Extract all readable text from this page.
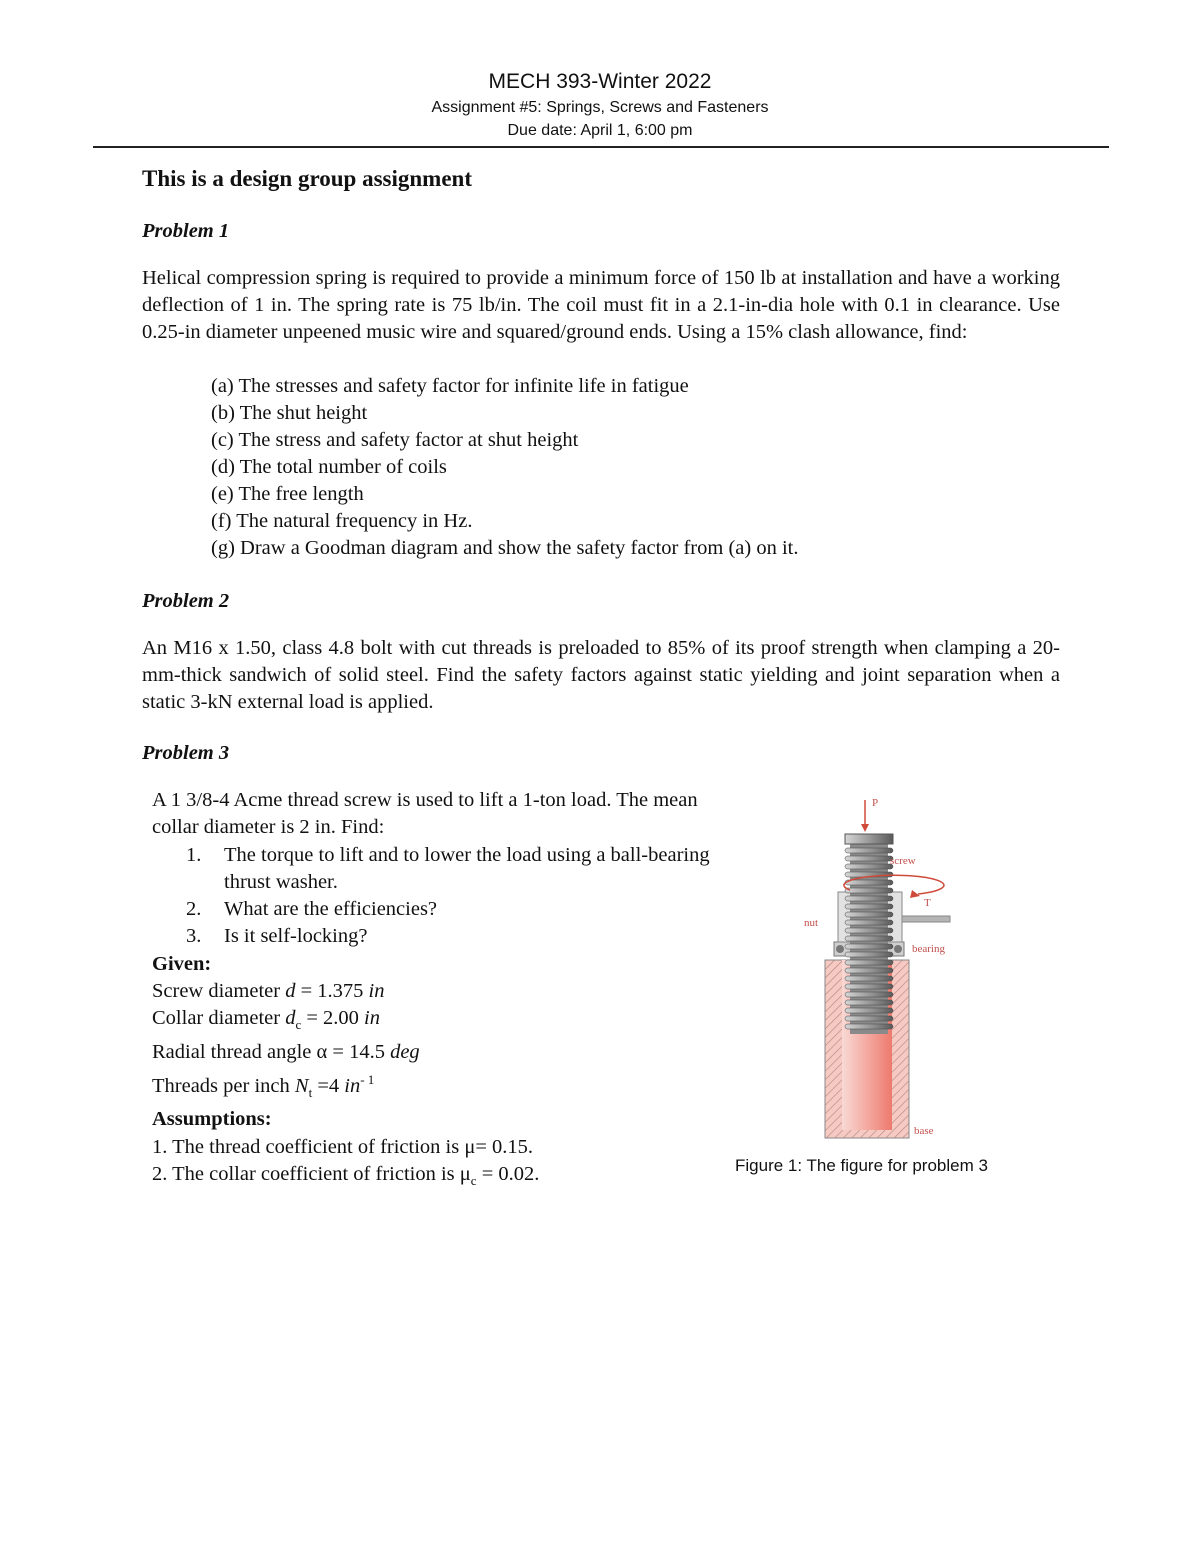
MECH 393-Winter 2022
Assignment #5: Springs, Screws and Fasteners
Due date: April 1, 6:00 pm
This is a design group assignment
Problem 1

Helical compression spring is required to provide a minimum force of 150 lb at installation and have a working deflection of 1 in. The spring rate is 75 lb/in. The coil must fit in a 2.1-in-dia hole with 0.1 in clearance. Use 0.25-in diameter unpeened music wire and squared/ground ends. Using a 15% clash allowance, find:

(a) The stresses and safety factor for infinite life in fatigue
(b) The shut height
(c) The stress and safety factor at shut height
(d) The total number of coils
(e) The free length
(f) The natural frequency in Hz.
(g) Draw a Goodman diagram and show the safety factor from (a) on it.
Problem 2

An M16 x 1.50, class 4.8 bolt with cut threads is preloaded to 85% of its proof strength when clamping a 20-mm-thick sandwich of solid steel. Find the safety factors against static yielding and joint separation when a static 3-kN external load is applied.

Problem 3

A 1 3/8-4 Acme thread screw is used to lift a 1-ton load. The mean collar diameter is 2 in. Find:

1. The torque to lift and to lower the load using a ball-bearing thrust washer.
2. What are the efficiencies?
3. Is it self-locking?

Given:

Screw diameter d = 1.375 in

Collar diameter $d_c = 2.00$ in

Radial thread angle α = 14.5 deg

Threads per inch $N_t =4$ $in^{- 1}$

Assumptions:

1. The thread coefficient of friction is μ= 0.15.

2. The collar coefficient of friction is $\mu_c = 0.02$.

P
screw
T
nut
bearing
base
Figure 1: The figure for problem 3
